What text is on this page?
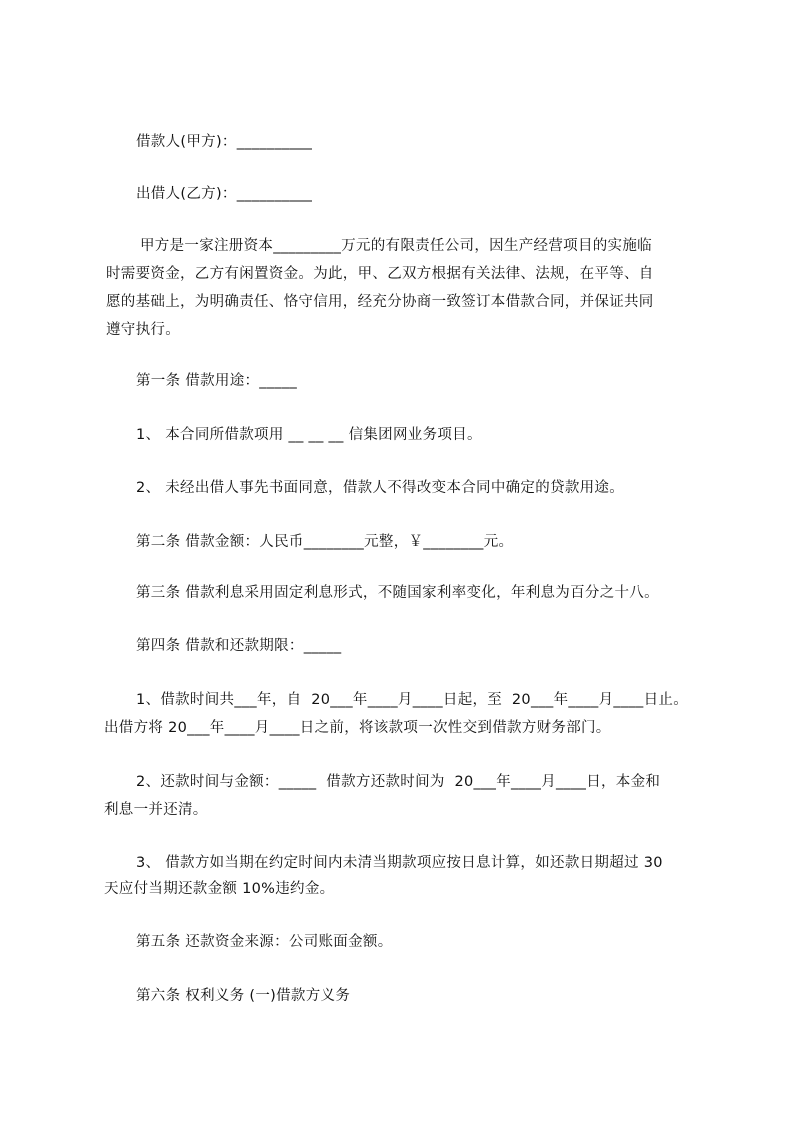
借款人(甲方)：__________
出借人(乙方)：__________
甲方是一家注册资本_________万元的有限责任公司，因生产经营项目的实施临
时需要资金，乙方有闲置资金。为此，甲、乙双方根据有关法律、法规，在平等、自
愿的基础上，为明确责任、恪守信用，经充分协商一致签订本借款合同，并保证共同
遵守执行。
第一条 借款用途：_____
1、 本合同所借款项用 __ __ __ 信集团网业务项目。
2、 未经出借人事先书面同意，借款人不得改变本合同中确定的贷款用途。
第二条 借款金额：人民币________元整，￥________元。
第三条 借款利息采用固定利息形式，不随国家利率变化，年利息为百分之十八。
第四条 借款和还款期限：_____
1、借款时间共___年，自  20___年____月____日起，至  20___年____月____日止。
出借方将 20___年____月____日之前，将该款项一次性交到借款方财务部门。
2、还款时间与金额：_____  借款方还款时间为  20___年____月____日，本金和
利息一并还清。
3、 借款方如当期在约定时间内未清当期款项应按日息计算，如还款日期超过 30
天应付当期还款金额 10%违约金。
第五条 还款资金来源：公司账面金额。
第六条 权利义务 (一)借款方义务
